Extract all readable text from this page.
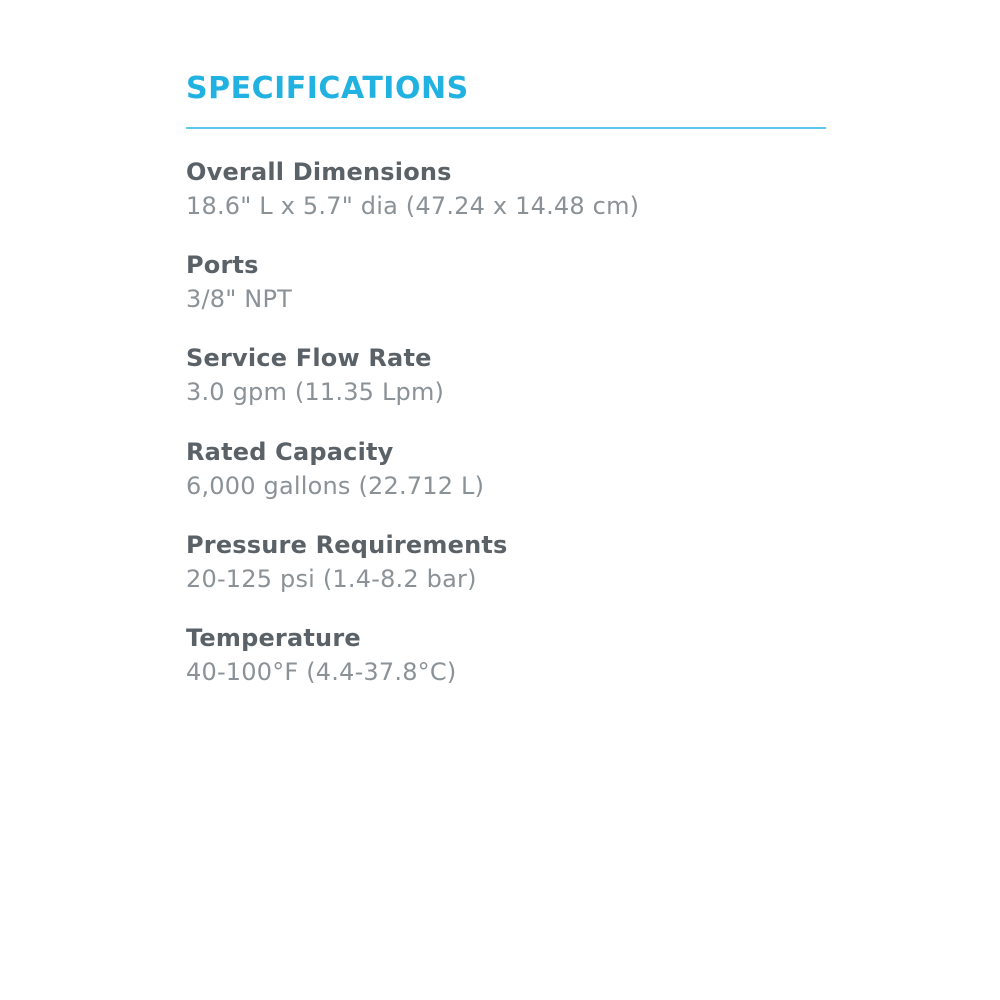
SPECIFICATIONS
Overall Dimensions
18.6" L x 5.7" dia (47.24 x 14.48 cm)
Ports
3/8" NPT
Service Flow Rate
3.0 gpm (11.35 Lpm)
Rated Capacity
6,000 gallons (22.712 L)
Pressure Requirements
20-125 psi (1.4-8.2 bar)
Temperature
40-100°F (4.4-37.8°C)
